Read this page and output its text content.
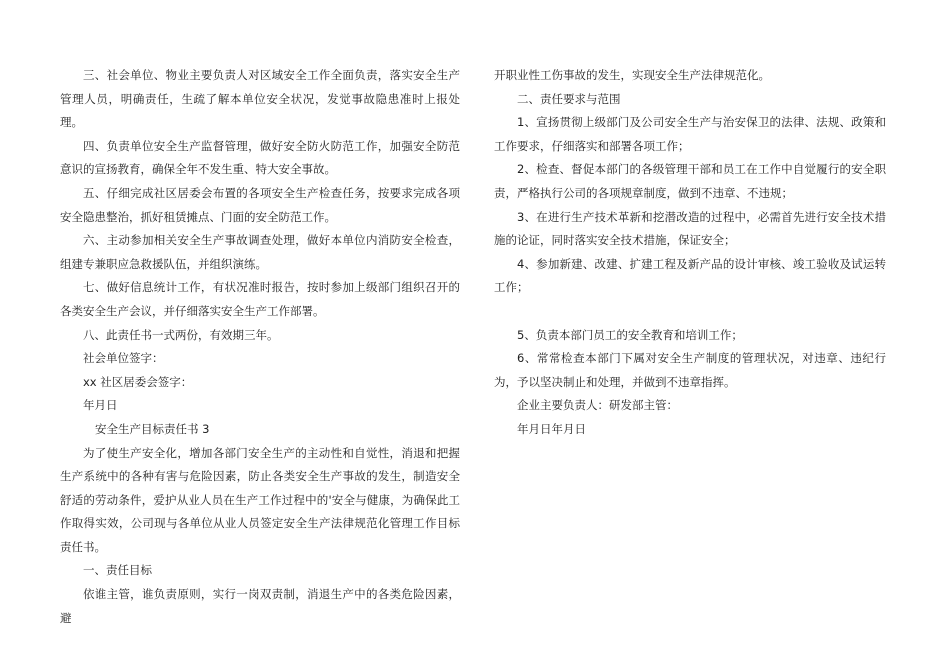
三、社会单位、物业主要负责人对区域安全工作全面负责，落实安全生产管理人员，明确责任，生疏了解本单位安全状况，发觉事故隐患准时上报处理。

四、负责单位安全生产监督管理，做好安全防火防范工作，加强安全防范意识的宣扬教育，确保全年不发生重、特大安全事故。

五、仔细完成社区居委会布置的各项安全生产检查任务，按要求完成各项安全隐患整治，抓好租赁摊点、门面的安全防范工作。

六、主动参加相关安全生产事故调查处理，做好本单位内消防安全检查，组建专兼职应急救援队伍，并组织演练。

七、做好信息统计工作，有状况准时报告，按时参加上级部门组织召开的各类安全生产会议，并仔细落实安全生产工作部署。

八、此责任书一式两份，有效期三年。

社会单位签字：

xx 社区居委会签字：

年月日

安全生产目标责任书 3

为了使生产安全化，增加各部门安全生产的主动性和自觉性，消退和把握生产系统中的各种有害与危险因素，防止各类安全生产事故的发生，制造安全舒适的劳动条件，爱护从业人员在生产工作过程中的'安全与健康，为确保此工作取得实效，公司现与各单位从业人员签定安全生产法律规范化管理工作目标责任书。

一、责任目标

依谁主管，谁负责原则，实行一岗双责制，消退生产中的各类危险因素，避

开职业性工伤事故的发生，实现安全生产法律规范化。

二、责任要求与范围

1、宣扬贯彻上级部门及公司安全生产与治安保卫的法律、法规、政策和工作要求，仔细落实和部署各项工作；

2、检查、督促本部门的各级管理干部和员工在工作中自觉履行的安全职责，严格执行公司的各项规章制度，做到不违章、不违规；

3、在进行生产技术革新和挖潜改造的过程中，必需首先进行安全技术措施的论证，同时落实安全技术措施，保证安全；

4、参加新建、改建、扩建工程及新产品的设计审核、竣工验收及试运转工作；

5、负责本部门员工的安全教育和培训工作；

6、常常检查本部门下属对安全生产制度的管理状况，对违章、违纪行为，予以坚决制止和处理，并做到不违章指挥。

企业主要负责人：研发部主管：

年月日年月日
